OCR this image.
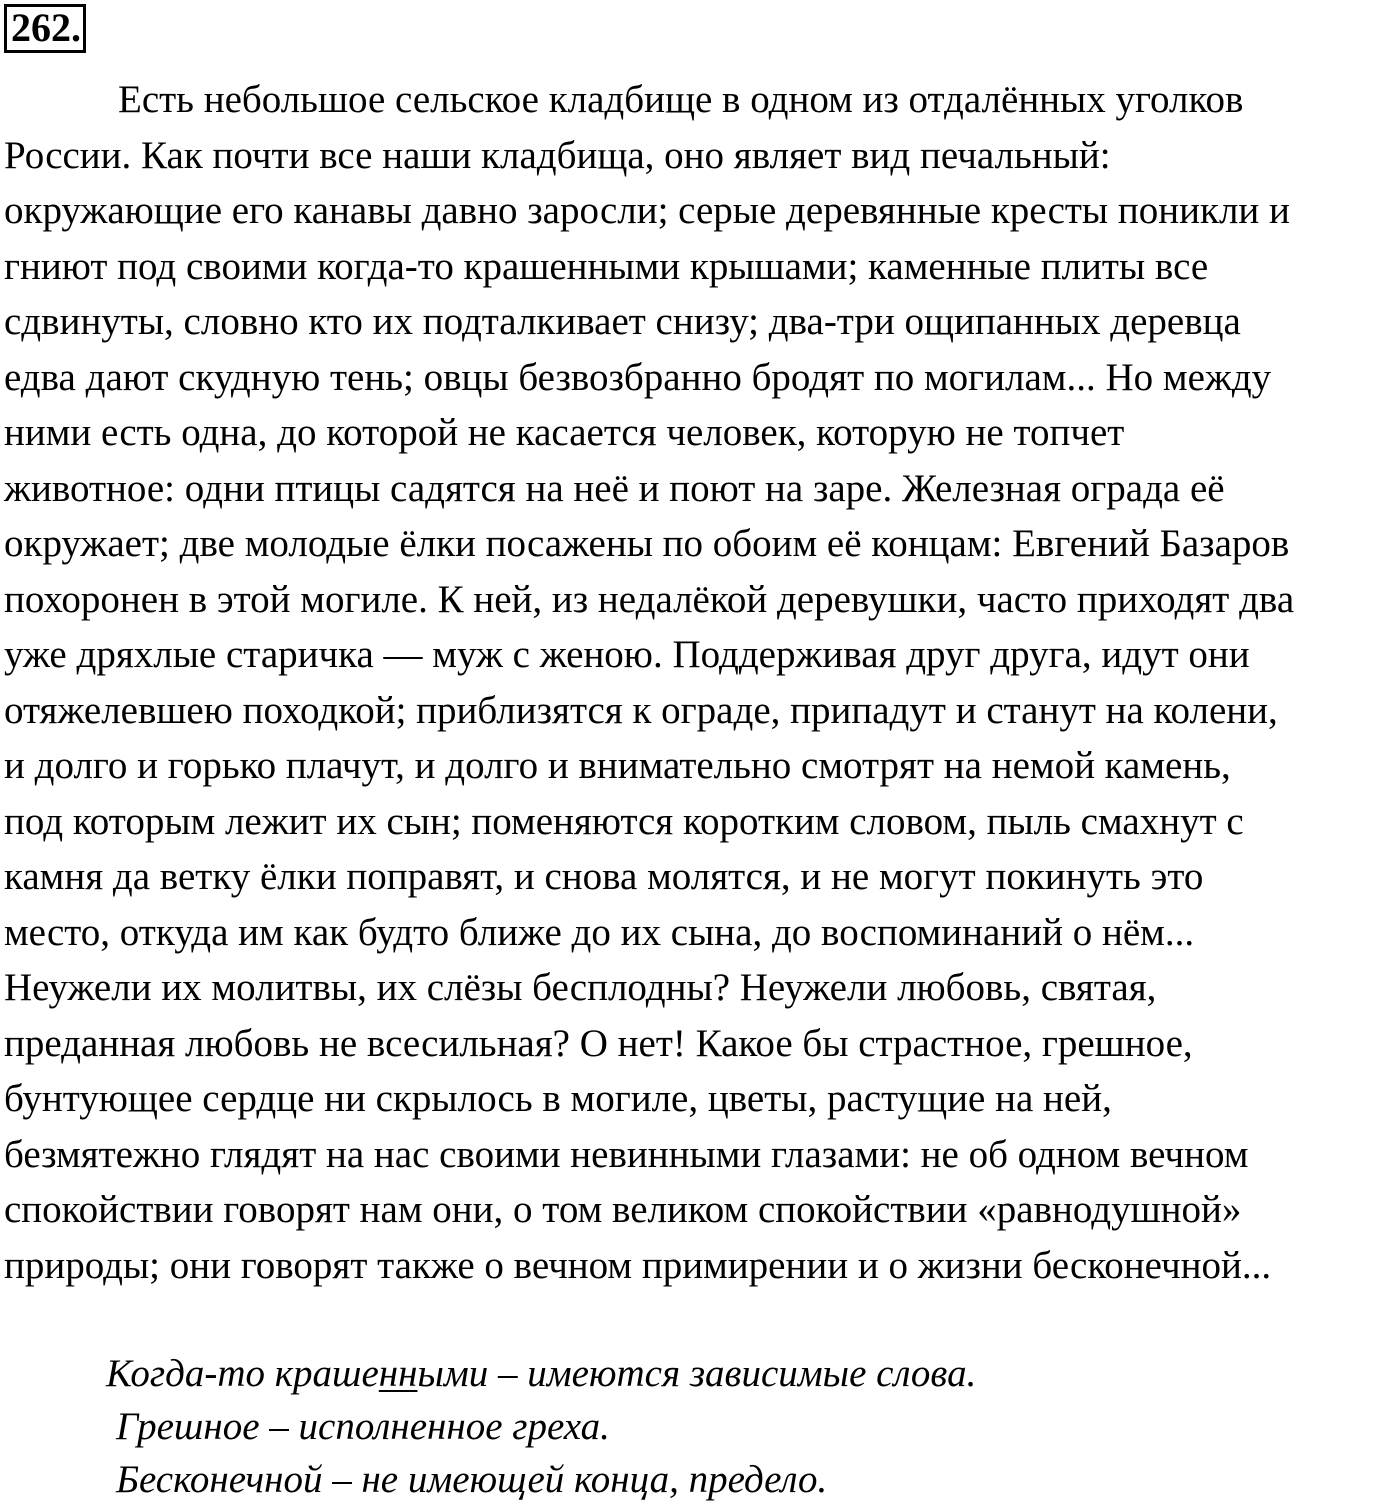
262.
Есть небольшое сельское кладбище в одном из отдалённых уголков
России. Как почти все наши кладбища, оно являет вид печальный:
окружающие его канавы давно заросли; серые деревянные кресты поникли и
гниют под своими когда-то крашенными крышами; каменные плиты все
сдвинуты, словно кто их подталкивает снизу; два-три ощипанных деревца
едва дают скудную тень; овцы безвозбранно бродят по могилам... Но между
ними есть одна, до которой не касается человек, которую не топчет
животное: одни птицы садятся на неё и поют на заре. Железная ограда её
окружает; две молодые ёлки посажены по обоим её концам: Евгений Базаров
похоронен в этой могиле. К ней, из недалёкой деревушки, часто приходят два
уже дряхлые старичка — муж с женою. Поддерживая друг друга, идут они
отяжелевшею походкой; приблизятся к ограде, припадут и станут на колени,
и долго и горько плачут, и долго и внимательно смотрят на немой камень,
под которым лежит их сын; поменяются коротким словом, пыль смахнут с
камня да ветку ёлки поправят, и снова молятся, и не могут покинуть это
место, откуда им как будто ближе до их сына, до воспоминаний о нём...
Неужели их молитвы, их слёзы бесплодны? Неужели любовь, святая,
преданная любовь не всесильная? О нет! Какое бы страстное, грешное,
бунтующее сердце ни скрылось в могиле, цветы, растущие на ней,
безмятежно глядят на нас своими невинными глазами: не об одном вечном
спокойствии говорят нам они, о том великом спокойствии «равнодушной»
природы; они говорят также о вечном примирении и о жизни бесконечной...
Когда-то крашенными – имеются зависимые слова.
Грешное – исполненное греха.
Бесконечной – не имеющей конца, предело.
